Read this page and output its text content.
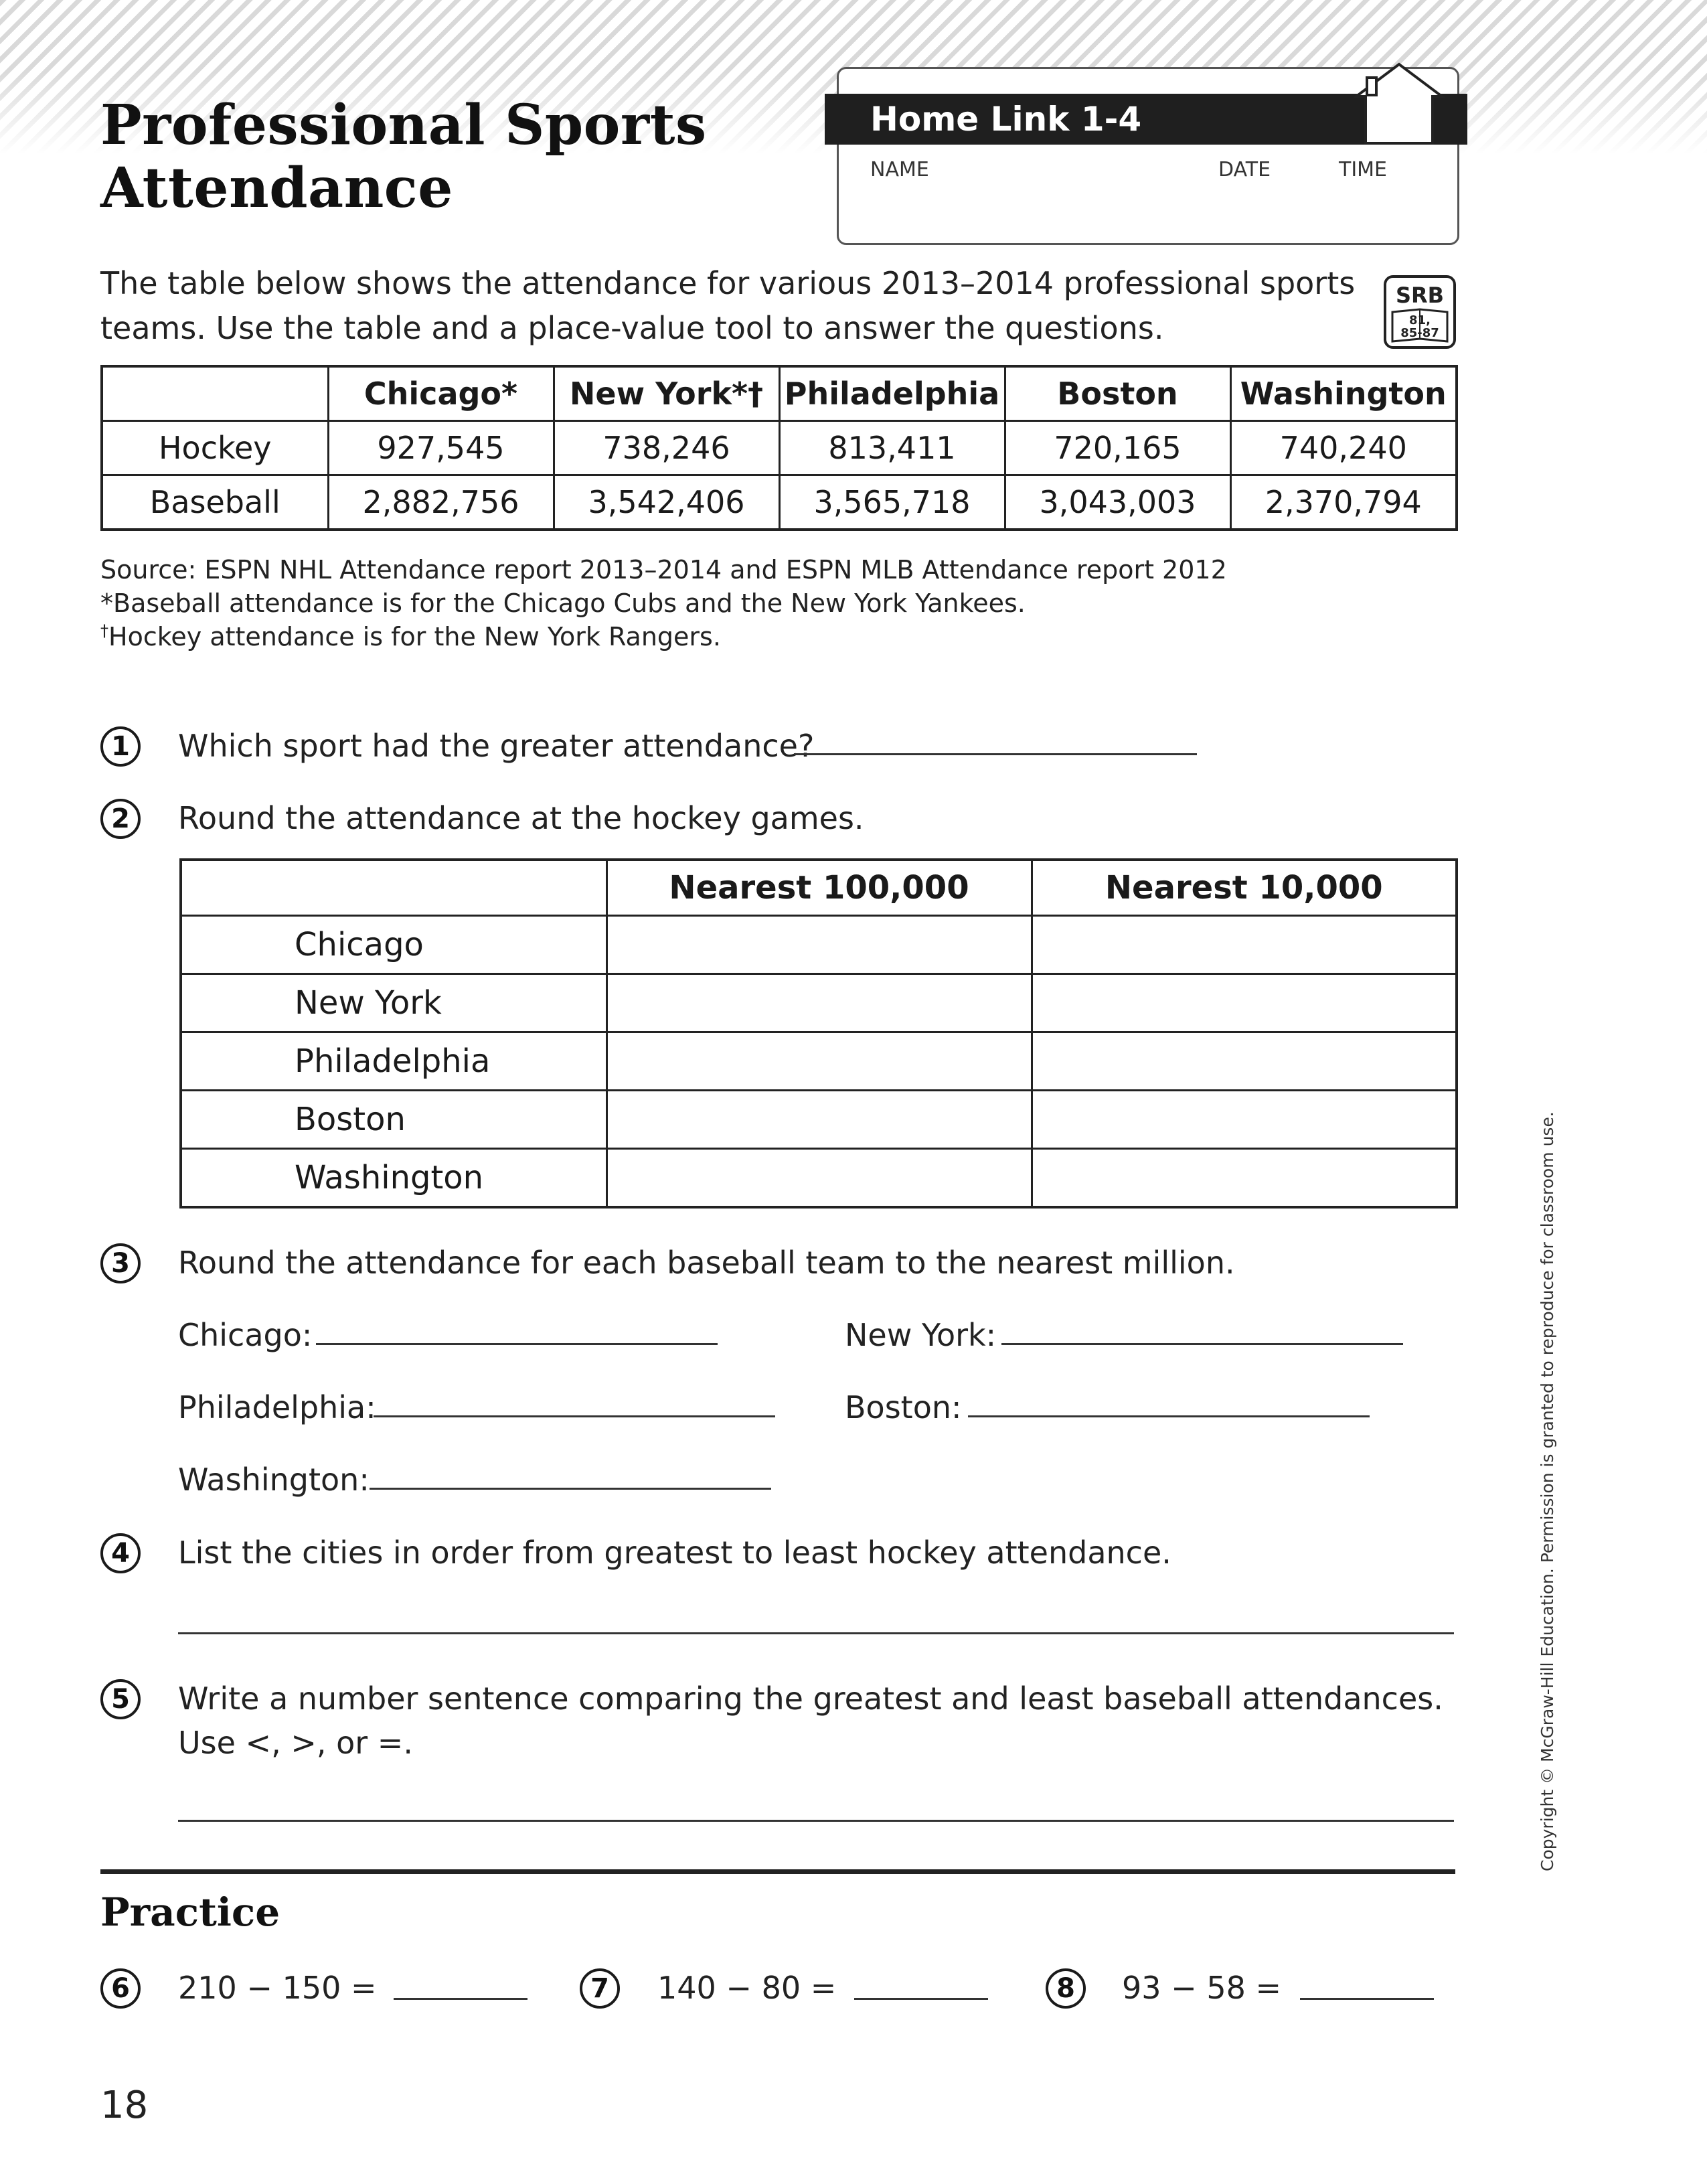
Professional Sports
Attendance
Home Link 1-4
NAME	DATE	TIME
SRB
81,
85-87

The table below shows the attendance for various 2013–2014 professional sports teams. Use the table and a place-value tool to answer the questions.

	Chicago*	New York*†	Philadelphia	Boston	Washington
Hockey	927,545	738,246	813,411	720,165	740,240
Baseball	2,882,756	3,542,406	3,565,718	3,043,003	2,370,794
Source: ESPN NHL Attendance report 2013–2014 and ESPN MLB Attendance report 2012
*Baseball attendance is for the Chicago Cubs and the New York Yankees.
†Hockey attendance is for the New York Rangers.
1	Which sport had the greater attendance?
2	Round the attendance at the hockey games.
	Nearest 100,000	Nearest 10,000
Chicago		
New York		
Philadelphia		
Boston		
Washington		
3	Round the attendance for each baseball team to the nearest million.
Chicago:	New York:
Philadelphia:	Boston:
Washington:
4	List the cities in order from greatest to least hockey attendance.
5	Write a number sentence comparing the greatest and least baseball attendances.
Use <, >, or =.
Practice
6	210 − 150 =	7	140 − 80 =	8	93 − 58 =
18
Copyright © McGraw-Hill Education. Permission is granted to reproduce for classroom use.
